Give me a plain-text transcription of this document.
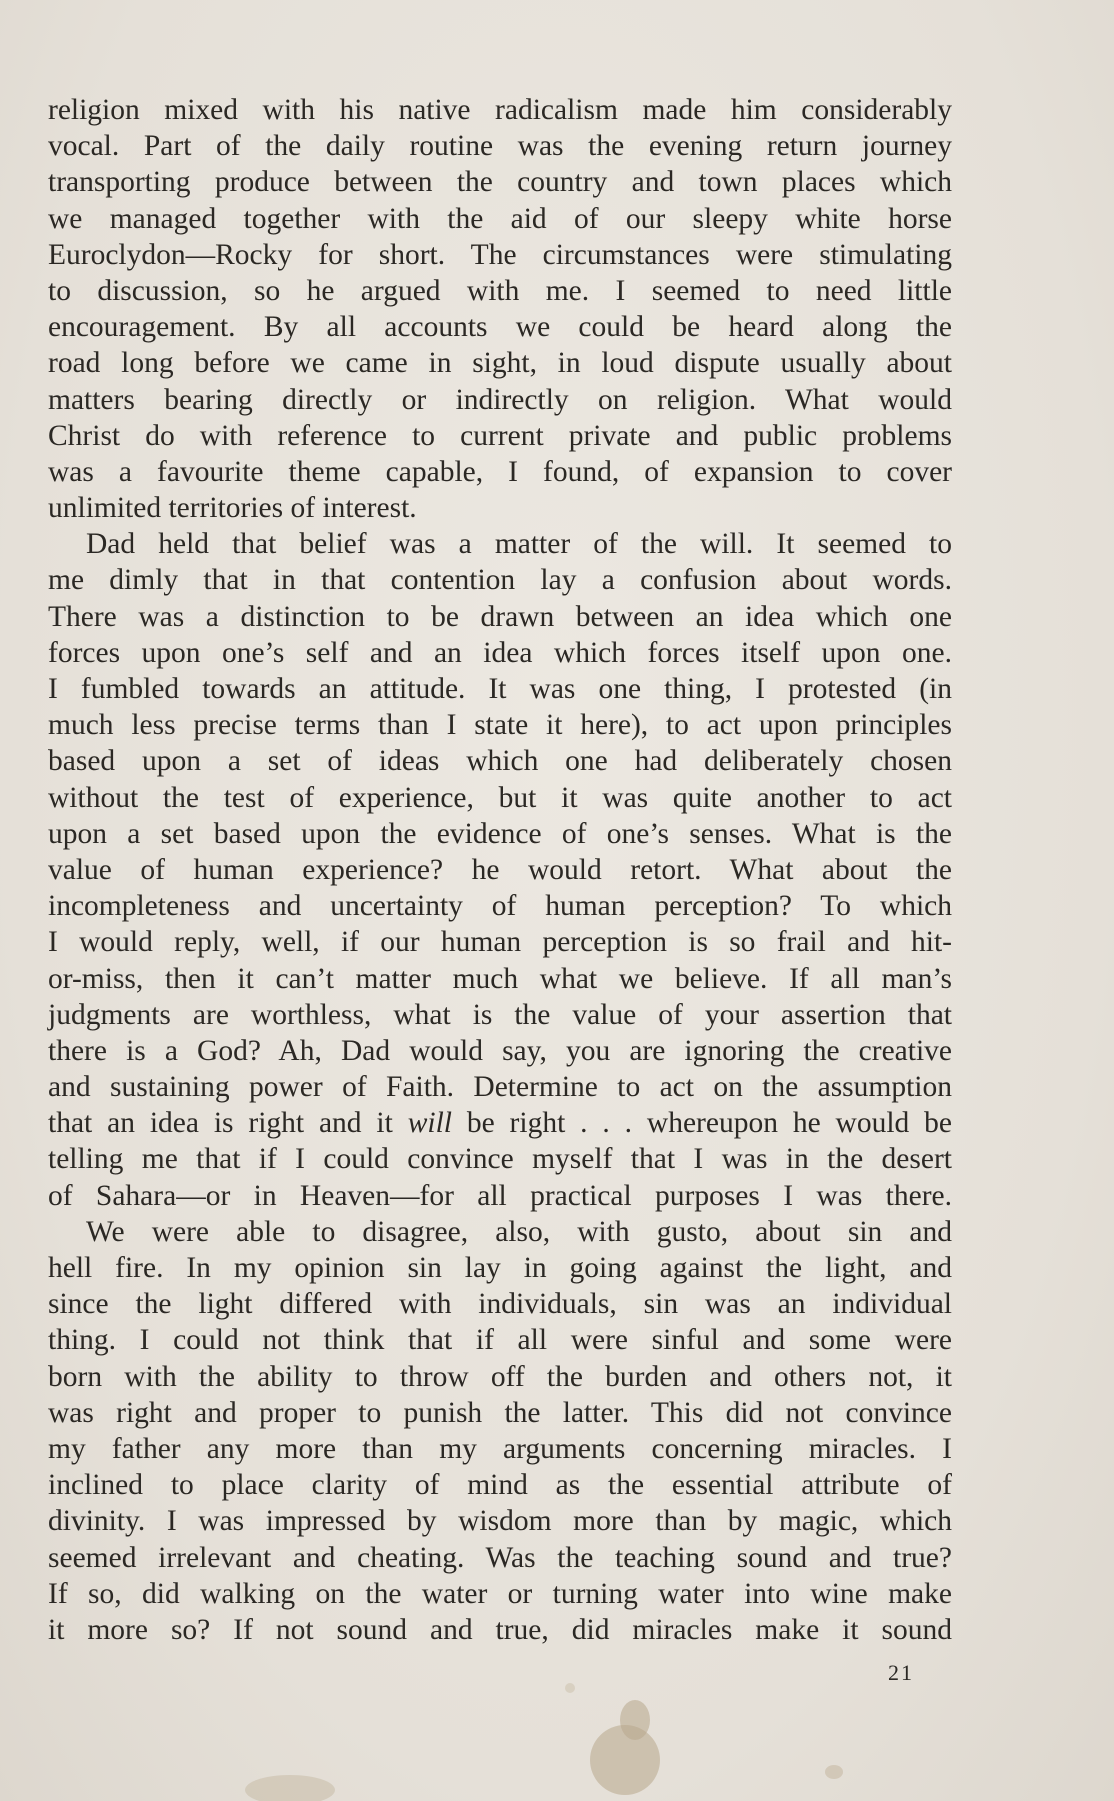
religion mixed with his native radicalism made him considerably
vocal. Part of the daily routine was the evening return journey
transporting produce between the country and town places which
we managed together with the aid of our sleepy white horse
Euroclydon—Rocky for short. The circumstances were stimulating
to discussion, so he argued with me. I seemed to need little
encouragement. By all accounts we could be heard along the
road long before we came in sight, in loud dispute usually about
matters bearing directly or indirectly on religion. What would
Christ do with reference to current private and public problems
was a favourite theme capable, I found, of expansion to cover
unlimited territories of interest.
Dad held that belief was a matter of the will. It seemed to
me dimly that in that contention lay a confusion about words.
There was a distinction to be drawn between an idea which one
forces upon one’s self and an idea which forces itself upon one.
I fumbled towards an attitude. It was one thing, I protested (in
much less precise terms than I state it here), to act upon principles
based upon a set of ideas which one had deliberately chosen
without the test of experience, but it was quite another to act
upon a set based upon the evidence of one’s senses. What is the
value of human experience? he would retort. What about the
incompleteness and uncertainty of human perception? To which
I would reply, well, if our human perception is so frail and hit-
or-miss, then it can’t matter much what we believe. If all man’s
judgments are worthless, what is the value of your assertion that
there is a God? Ah, Dad would say, you are ignoring the creative
and sustaining power of Faith. Determine to act on the assumption
that an idea is right and it will be right . . . whereupon he would be
telling me that if I could convince myself that I was in the desert
of Sahara—or in Heaven—for all practical purposes I was there.
We were able to disagree, also, with gusto, about sin and
hell fire. In my opinion sin lay in going against the light, and
since the light differed with individuals, sin was an individual
thing. I could not think that if all were sinful and some were
born with the ability to throw off the burden and others not, it
was right and proper to punish the latter. This did not convince
my father any more than my arguments concerning miracles. I
inclined to place clarity of mind as the essential attribute of
divinity. I was impressed by wisdom more than by magic, which
seemed irrelevant and cheating. Was the teaching sound and true?
If so, did walking on the water or turning water into wine make
it more so? If not sound and true, did miracles make it sound
21
